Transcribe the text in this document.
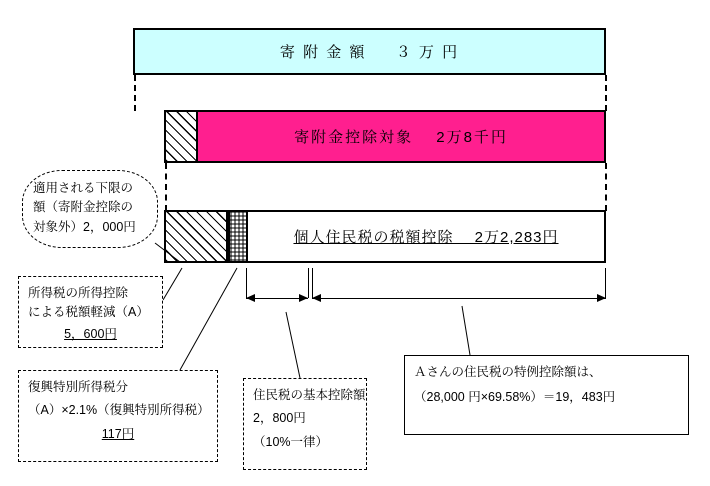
寄 附 金 額 　 ３ 万 円
寄附金控除対象　 2万8千円
個人住民税の税額控除　 2万2,283円
適用される下限の
額（寄附金控除の
対象外）2，000円
所得税の所得控除
による税額軽減（A）
5，600円
復興特別所得税分
（A）×2.1%（復興特別所得税）
117円
住民税の基本控除額
2，800円
（10%一律）
Ａさんの住民税の特例控除額は、
（28,000 円×69.58%）＝19，483円
